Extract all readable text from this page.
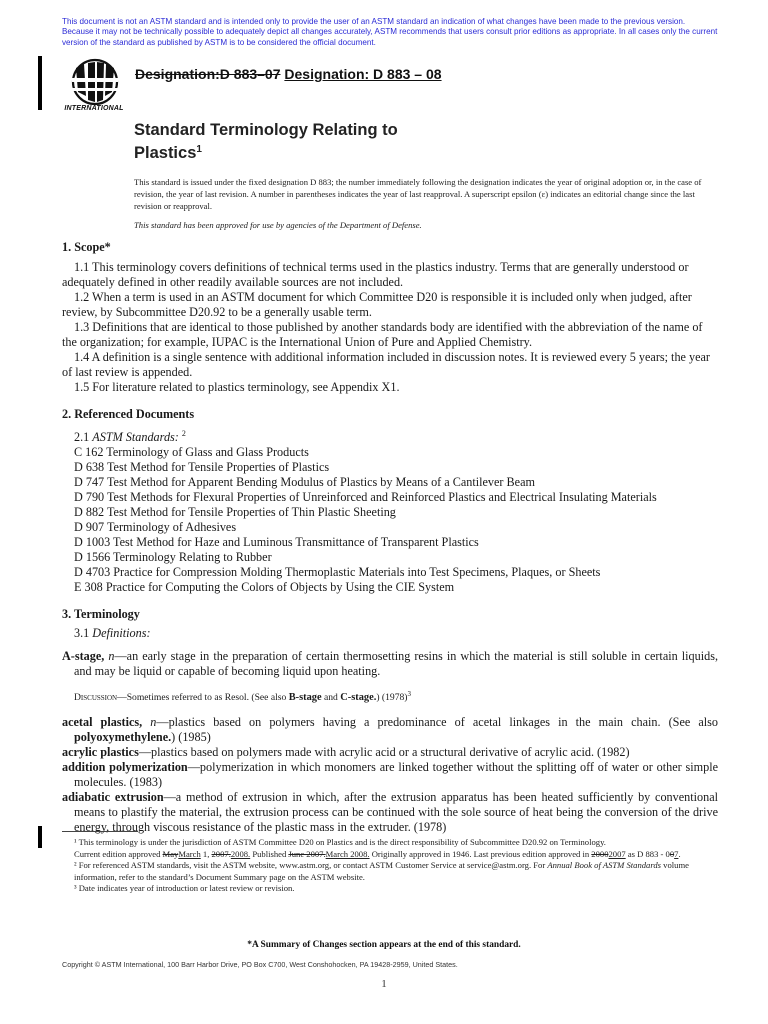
This document is not an ASTM standard and is intended only to provide the user of an ASTM standard an indication of what changes have been made to the previous version. Because it may not be technically possible to adequately depict all changes accurately, ASTM recommends that users consult prior editions as appropriate. In all cases only the current version of the standard as published by ASTM is to be considered the official document.
INTERNATIONAL
Designation:D 883–07 Designation: D 883 – 08
Standard Terminology Relating to
Plastics$^1$

This standard is issued under the fixed designation D 883; the number immediately following the designation indicates the year of original adoption or, in the case of revision, the year of last revision. A number in parentheses indicates the year of last reapproval. A superscript epsilon (ε) indicates an editorial change since the last revision or reapproval.

This standard has been approved for use by agencies of the Department of Defense.

1. Scope*

1.1 This terminology covers definitions of technical terms used in the plastics industry. Terms that are generally understood or adequately defined in other readily available sources are not included.

1.2 When a term is used in an ASTM document for which Committee D20 is responsible it is included only when judged, after review, by Subcommittee D20.92 to be a generally usable term.

1.3 Definitions that are identical to those published by another standards body are identified with the abbreviation of the name of the organization; for example, IUPAC is the International Union of Pure and Applied Chemistry.

1.4 A definition is a single sentence with additional information included in discussion notes. It is reviewed every 5 years; the year of last review is appended.

1.5 For literature related to plastics terminology, see Appendix X1.

2. Referenced Documents

2.1 ASTM Standards: $^2$

C 162 Terminology of Glass and Glass Products

D 638 Test Method for Tensile Properties of Plastics

D 747 Test Method for Apparent Bending Modulus of Plastics by Means of a Cantilever Beam

D 790 Test Methods for Flexural Properties of Unreinforced and Reinforced Plastics and Electrical Insulating Materials

D 882 Test Method for Tensile Properties of Thin Plastic Sheeting

D 907 Terminology of Adhesives

D 1003 Test Method for Haze and Luminous Transmittance of Transparent Plastics

D 1566 Terminology Relating to Rubber

D 4703 Practice for Compression Molding Thermoplastic Materials into Test Specimens, Plaques, or Sheets

E 308 Practice for Computing the Colors of Objects by Using the CIE System

3. Terminology

3.1 Definitions:

A-stage, n—an early stage in the preparation of certain thermosetting resins in which the material is still soluble in certain liquids, and may be liquid or capable of becoming liquid upon heating.

Discussion—Sometimes referred to as Resol. (See also B-stage and C-stage.) $(1978)^3$

acetal plastics, n—plastics based on polymers having a predominance of acetal linkages in the main chain. (See also polyoxymethylene.) (1985)

acrylic plastics—plastics based on polymers made with acrylic acid or a structural derivative of acrylic acid. (1982)

addition polymerization—polymerization in which monomers are linked together without the splitting off of water or other simple molecules. (1983)

adiabatic extrusion—a method of extrusion in which, after the extrusion apparatus has been heated sufficiently by conventional means to plastify the material, the extrusion process can be continued with the sole source of heat being the conversion of the drive energy, through viscous resistance of the plastic mass in the extruder. (1978)

¹ This terminology is under the jurisdiction of ASTM Committee D20 on Plastics and is the direct responsibility of Subcommittee D20.92 on Terminology.

Current edition approved MayMarch 1, 2007.2008. Published June 2007.March 2008. Originally approved in 1946. Last previous edition approved in 20002007 as D 883 - 007.

² For referenced ASTM standards, visit the ASTM website, www.astm.org, or contact ASTM Customer Service at service@astm.org. For Annual Book of ASTM Standards volume information, refer to the standard’s Document Summary page on the ASTM website.

³ Date indicates year of introduction or latest review or revision.

*A Summary of Changes section appears at the end of this standard.
Copyright © ASTM International, 100 Barr Harbor Drive, PO Box C700, West Conshohocken, PA 19428-2959, United States.
1
